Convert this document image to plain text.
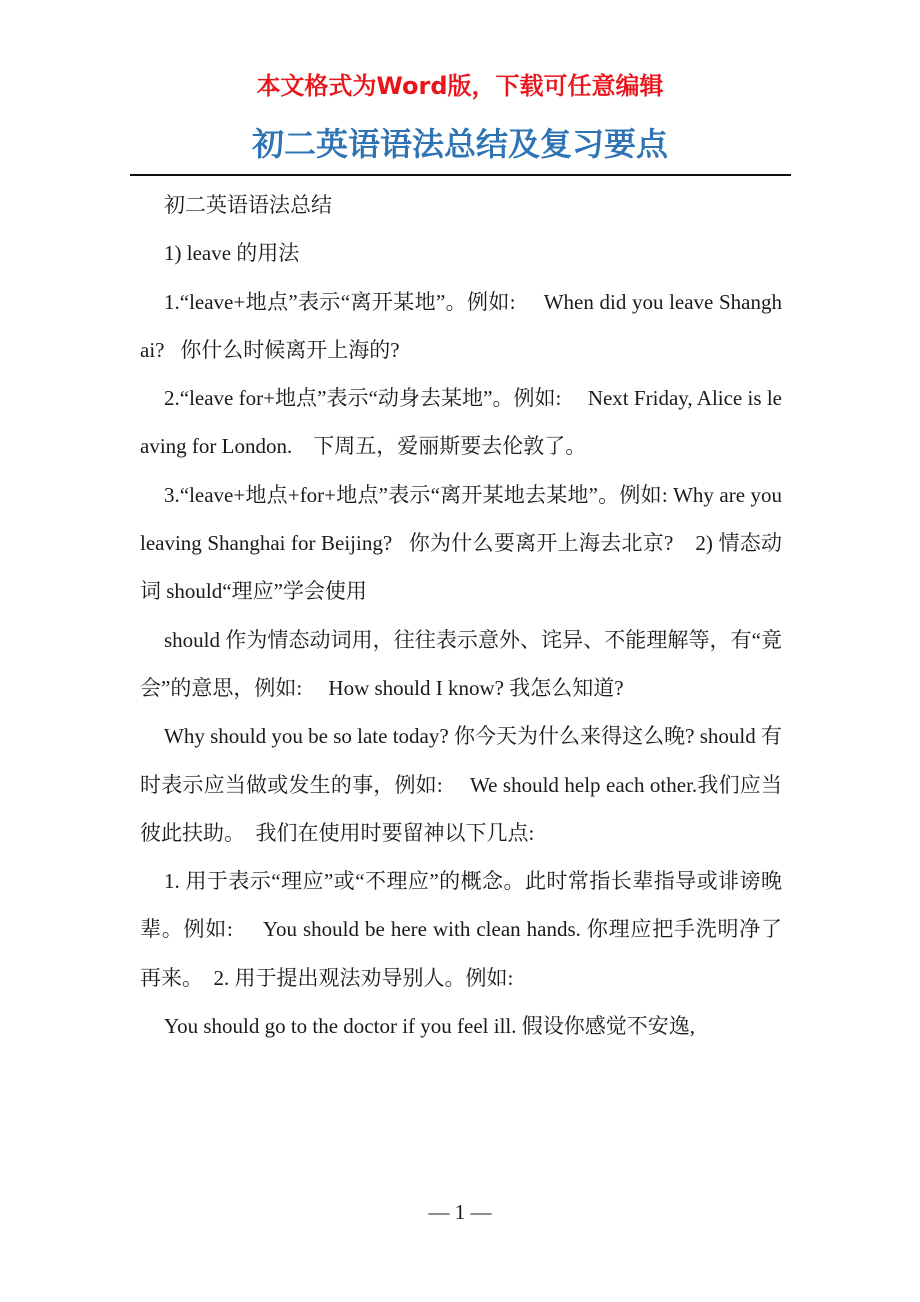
本文格式为Word版，下载可任意编辑
初二英语语法总结及复习要点

初二英语语法总结

1) leave 的用法

1.“leave+地点”表示“离开某地”。例如:     When did you leave Shanghai?   你什么时候离开上海的?

2.“leave for+地点”表示“动身去某地”。例如:     Next Friday, Alice is leaving for London.    下周五，爱丽斯要去伦敦了。

3.“leave+地点+for+地点”表示“离开某地去某地”。例如: Why are you leaving Shanghai for Beijing?   你为什么要离开上海去北京?    2) 情态动词 should“理应”学会使用

should 作为情态动词用，往往表示意外、诧异、不能理解等，有“竟会”的意思，例如:     How should I know? 我怎么知道?

Why should you be so late today? 你今天为什么来得这么晚? should 有时表示应当做或发生的事，例如:     We should help each other.我们应当彼此扶助。  我们在使用时要留神以下几点:

1. 用于表示“理应”或“不理应”的概念。此时常指长辈指导或诽谤晚辈。例如:     You should be here with clean hands. 你理应把手洗明净了再来。  2. 用于提出观法劝导别人。例如:

You should go to the doctor if you feel ill. 假设你感觉不安逸,

— 1 —
